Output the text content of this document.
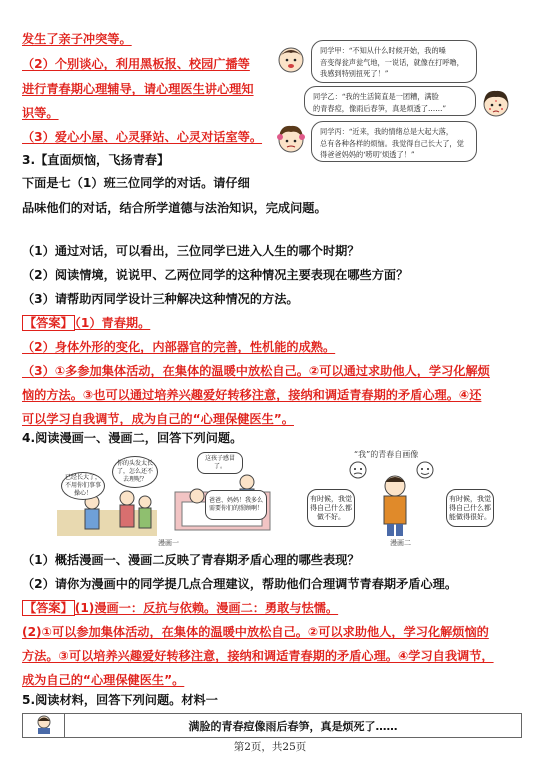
发生了亲子冲突等。
（2）个别谈心，利用黑板报、校园广播等
进行青春期心理辅导，请心理医生讲心理知
识等。
（3）爱心小屋、心灵驿站、心灵对话室等。
3.【直面烦恼，飞扬青春】
下面是七（1）班三位同学的对话。请仔细
品味他们的对话，结合所学道德与法治知识，完成问题。
同学甲：“不知从什么时候开始，我的嗓
音变得瓮声瓮气地，一说话，就像在打呼噜，
我感到特别扭死了！”
同学乙：“我的生活简直是一团糟，满脸
的青春痘，像雨后春笋，真是烦透了……”
同学丙：“近来，我的情绪总是大起大落，
总有各种各样的烦恼。我觉得自己长大了，觉
得爸爸妈妈的‘唠叨’烦透了！”
（1）通过对话，可以看出，三位同学已进入人生的哪个时期？
（2）阅读情境，说说甲、乙两位同学的这种情况主要表现在哪些方面？
（3）请帮助丙同学设计三种解决这种情况的方法。
【答案】 （1）青春期。
（2）身体外形的变化，内部器官的完善，性机能的成熟。
（3）①多参加集体活动，在集体的温暖中放松自己。②可以通过求助他人，学习化解烦
恼的方法。③也可以通过培养兴趣爱好转移注意，接纳和调适青春期的矛盾心理。④还
可以学习自我调节，成为自己的“心理保健医生”。
4.阅读漫画一、漫画二，回答下列问题。
已经长大了，不用你们事事操心！
你的头发太长了，怎么还不去理呢？
这孩子感冒了。
爸爸、妈妈！我多么需要你们的照顾啊！
漫画一
“我”的青春自画像
有时候，我觉得自己什么都做不好。
有时候，我觉得自己什么都能做得很好。
漫画二
（1）概括漫画一、漫画二反映了青春期矛盾心理的哪些表现？
（2）请你为漫画中的同学提几点合理建议，帮助他们合理调节青春期矛盾心理。
【答案】 (1)漫画一：反抗与依赖。漫画二：勇敢与怯懦。
(2)①可以参加集体活动，在集体的温暖中放松自己。②可以求助他人，学习化解烦恼的
方法。③可以培养兴趣爱好转移注意，接纳和调适青春期的矛盾心理。④学习自我调节，
成为自己的“心理保健医生”。
5.阅读材料，回答下列问题。材料一
	满脸的青春痘像雨后春笋，真是烦死了……
第2页，共25页
